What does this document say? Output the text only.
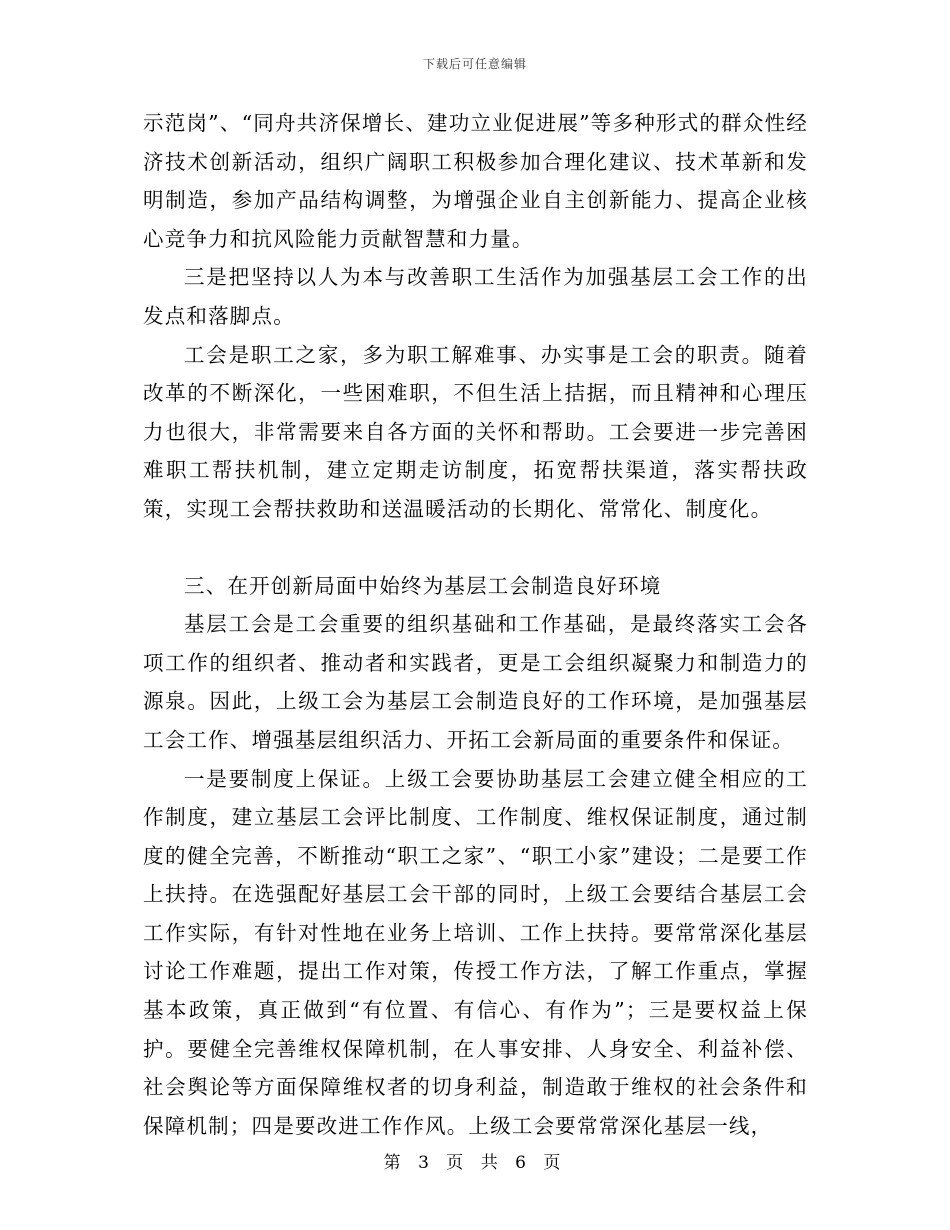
下载后可任意编辑

示范岗”、“同舟共济保增长、建功立业促进展”等多种形式的群众性经济技术创新活动，组织广阔职工积极参加合理化建议、技术革新和发明制造，参加产品结构调整，为增强企业自主创新能力、提高企业核心竞争力和抗风险能力贡献智慧和力量。

三是把坚持以人为本与改善职工生活作为加强基层工会工作的出发点和落脚点。

工会是职工之家，多为职工解难事、办实事是工会的职责。随着改革的不断深化，一些困难职，不但生活上拮据，而且精神和心理压力也很大，非常需要来自各方面的关怀和帮助。工会要进一步完善困难职工帮扶机制，建立定期走访制度，拓宽帮扶渠道，落实帮扶政策，实现工会帮扶救助和送温暖活动的长期化、常常化、制度化。

三、在开创新局面中始终为基层工会制造良好环境

基层工会是工会重要的组织基础和工作基础，是最终落实工会各项工作的组织者、推动者和实践者，更是工会组织凝聚力和制造力的源泉。因此，上级工会为基层工会制造良好的工作环境，是加强基层工会工作、增强基层组织活力、开拓工会新局面的重要条件和保证。

一是要制度上保证。上级工会要协助基层工会建立健全相应的工作制度，建立基层工会评比制度、工作制度、维权保证制度，通过制度的健全完善，不断推动“职工之家”、“职工小家”建设；二是要工作上扶持。在选强配好基层工会干部的同时，上级工会要结合基层工会工作实际，有针对性地在业务上培训、工作上扶持。要常常深化基层讨论工作难题，提出工作对策，传授工作方法，了解工作重点，掌握基本政策，真正做到“有位置、有信心、有作为”；三是要权益上保护。要健全完善维权保障机制，在人事安排、人身安全、利益补偿、社会舆论等方面保障维权者的切身利益，制造敢于维权的社会条件和保障机制；四是要改进工作作风。上级工会要常常深化基层一线，

第 3 页 共 6 页
